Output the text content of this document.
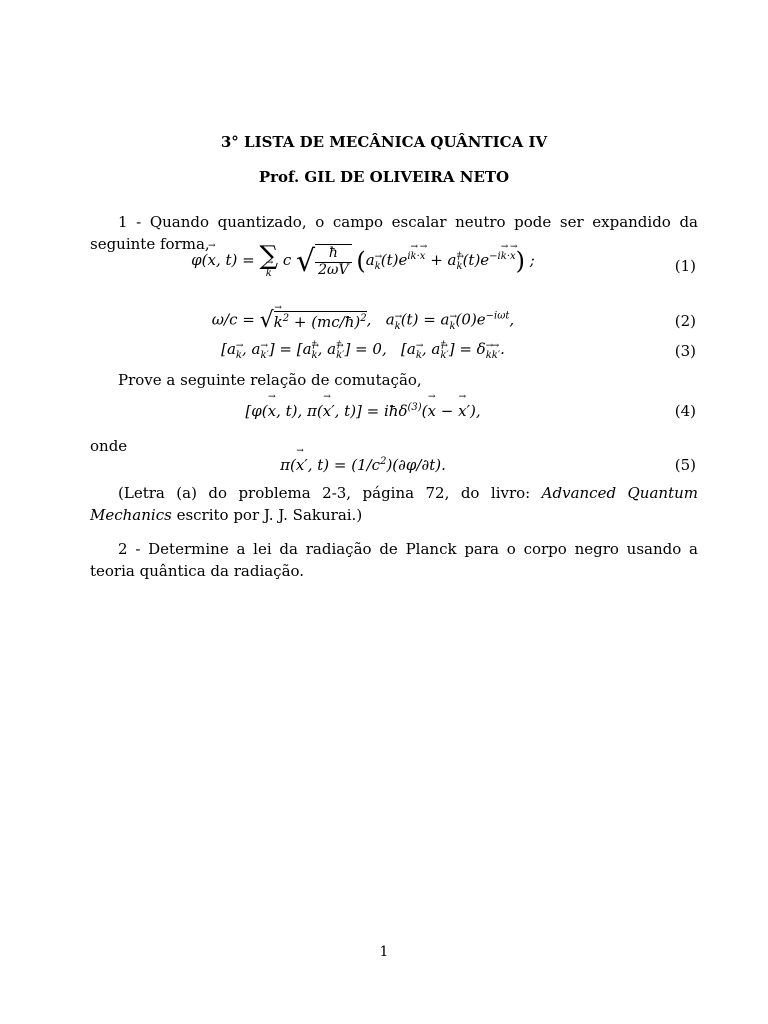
3° LISTA DE MECÂNICA QUÂNTICA IV
Prof. GIL DE OLIVEIRA NETO
1 - Quando quantizado, o campo escalar neutro pode ser expandido da seguinte forma,
φ(→ x, t) = ∑
→ k
c √ $\frac{ħ}{2\omega V} (a_k(t)e^{ik\cdot x} + a^\dagger_k(t)e^{-ik\cdot x})$ ;	(1)
ω/c = √→ $k^2$ + (mc/ħ)$^2$,   $a_k(t) = a_k(0)e^{-i\omega t}$,	(2)
[$a_k$, $a_{k'}] = [a^\dagger_k$, $a^\dagger_{k'}] = 0$,   [$a_k$, $a^\dagger_{k'}] = \delta_{kk'}$.	(3)
Prove a seguinte relação de comutação,
[φ(→ x, t), π(→ x′, t)] = iħδ$^{(3)}$(→ x − → x′),	(4)
onde
π(→ x′, $t) = (1/c^2)(\partial\varphi/\partial t)$.	(5)
(Letra (a) do problema 2-3, página 72, do livro: Advanced Quantum Mechanics escrito por J. J. Sakurai.)
2 - Determine a lei da radiação de Planck para o corpo negro usando a teoria quântica da radiação.
1
